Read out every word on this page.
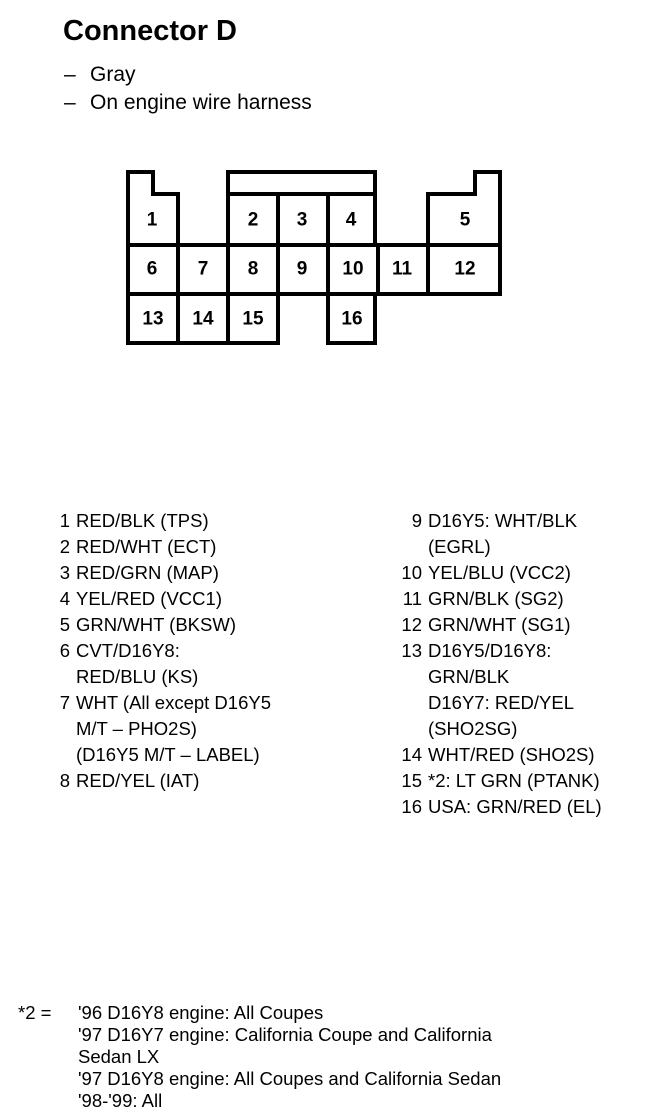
Connector D
– Gray
– On engine wire harness
1	2 3 4	5
6 7 8 9 10 11 12
13 14 15	16
1 RED/BLK (TPS)
2 RED/WHT (ECT)
3 RED/GRN (MAP)
4 YEL/RED (VCC1)
5 GRN/WHT (BKSW)
6 CVT/D16Y8:
RED/BLU (KS)
7 WHT (All except D16Y5
M/T – PHO2S)
(D16Y5 M/T – LABEL)
8 RED/YEL (IAT)
9 D16Y5: WHT/BLK
(EGRL)
10 YEL/BLU (VCC2)
11 GRN/BLK (SG2)
12 GRN/WHT (SG1)
13 D16Y5/D16Y8:
GRN/BLK
D16Y7: RED/YEL
(SHO2SG)
14 WHT/RED (SHO2S)
15 *2: LT GRN (PTANK)
16 USA: GRN/RED (EL)
*2 =	'96 D16Y8 engine: All Coupes
'97 D16Y7 engine: California Coupe and California
Sedan LX
'97 D16Y8 engine: All Coupes and California Sedan
'98-'99: All
